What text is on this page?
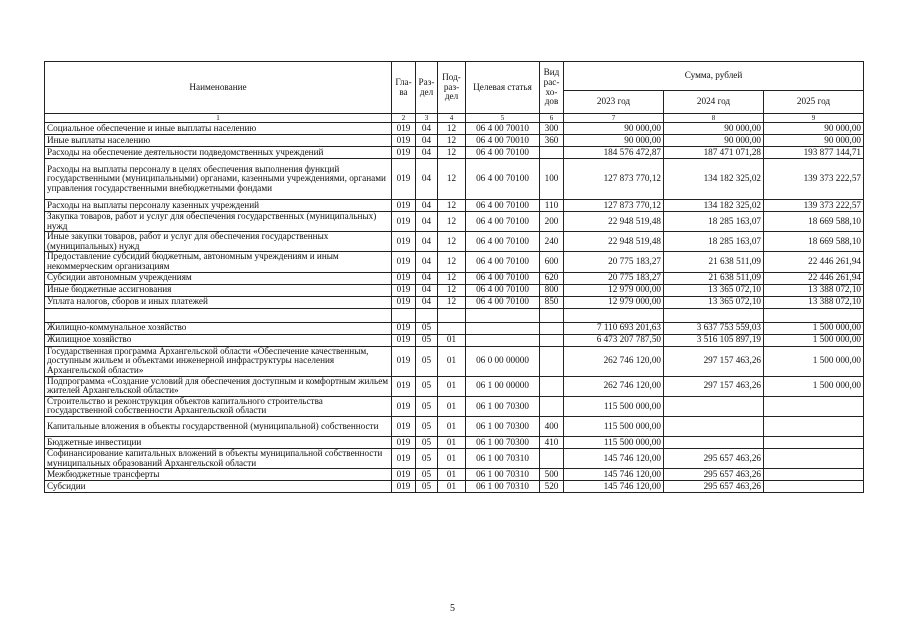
Наименование	Гла-ва	Раз-дел	Под-раз-дел	Целевая статья	Вид рас-хо-дов	Сумма, рублей		
						2023 год	2024 год	2025 год
1	2	3	4	5	6	7	8	9
Социальное обеспечение и иные выплаты населению	019	04	12	06 4 00 70010	300	90 000,00	90 000,00	90 000,00
Иные выплаты населению	019	04	12	06 4 00 70010	360	90 000,00	90 000,00	90 000,00
Расходы на обеспечение деятельности подведомственных учреждений	019	04	12	06 4 00 70100		184 576 472,87	187 471 071,28	193 877 144,71
Расходы на выплаты персоналу в целях обеспечения выполнения функций государственными (муниципальными) органами, казенными учреждениями, органами управления государственными внебюджетными фондами	019	04	12	06 4 00 70100	100	127 873 770,12	134 182 325,02	139 373 222,57
Расходы на выплаты персоналу казенных учреждений	019	04	12	06 4 00 70100	110	127 873 770,12	134 182 325,02	139 373 222,57
Закупка товаров, работ и услуг для обеспечения государственных (муниципальных) нужд	019	04	12	06 4 00 70100	200	22 948 519,48	18 285 163,07	18 669 588,10
Иные закупки товаров, работ и услуг для обеспечения государственных (муниципальных) нужд	019	04	12	06 4 00 70100	240	22 948 519,48	18 285 163,07	18 669 588,10
Предоставление субсидий бюджетным, автономным учреждениям и иным некоммерческим организациям	019	04	12	06 4 00 70100	600	20 775 183,27	21 638 511,09	22 446 261,94
Субсидии автономным учреждениям	019	04	12	06 4 00 70100	620	20 775 183,27	21 638 511,09	22 446 261,94
Иные бюджетные ассигнования	019	04	12	06 4 00 70100	800	12 979 000,00	13 365 072,10	13 388 072,10
Уплата налогов, сборов и иных платежей	019	04	12	06 4 00 70100	850	12 979 000,00	13 365 072,10	13 388 072,10

Жилищно-коммунальное хозяйство	019	05				7 110 693 201,63	3 637 753 559,03	1 500 000,00
Жилищное хозяйство	019	05	01			6 473 207 787,50	3 516 105 897,19	1 500 000,00
Государственная программа Архангельской области «Обеспечение качественным, доступным жильем и объектами инженерной инфраструктуры населения Архангельской области»	019	05	01	06 0 00 00000		262 746 120,00	297 157 463,26	1 500 000,00
Подпрограмма «Создание условий для обеспечения доступным и комфортным жильем жителей Архангельской области»	019	05	01	06 1 00 00000		262 746 120,00	297 157 463,26	1 500 000,00
Строительство и реконструкция объектов капитального строительства государственной собственности Архангельской области	019	05	01	06 1 00 70300		115 500 000,00		
Капитальные вложения в объекты государственной (муниципальной) собственности	019	05	01	06 1 00 70300	400	115 500 000,00		
Бюджетные инвестиции	019	05	01	06 1 00 70300	410	115 500 000,00		
Софинансирование капитальных вложений в объекты муниципальной собственности муниципальных образований Архангельской области	019	05	01	06 1 00 70310		145 746 120,00	295 657 463,26	
Межбюджетные трансферты	019	05	01	06 1 00 70310	500	145 746 120,00	295 657 463,26	
Субсидии	019	05	01	06 1 00 70310	520	145 746 120,00	295 657 463,26	
5
